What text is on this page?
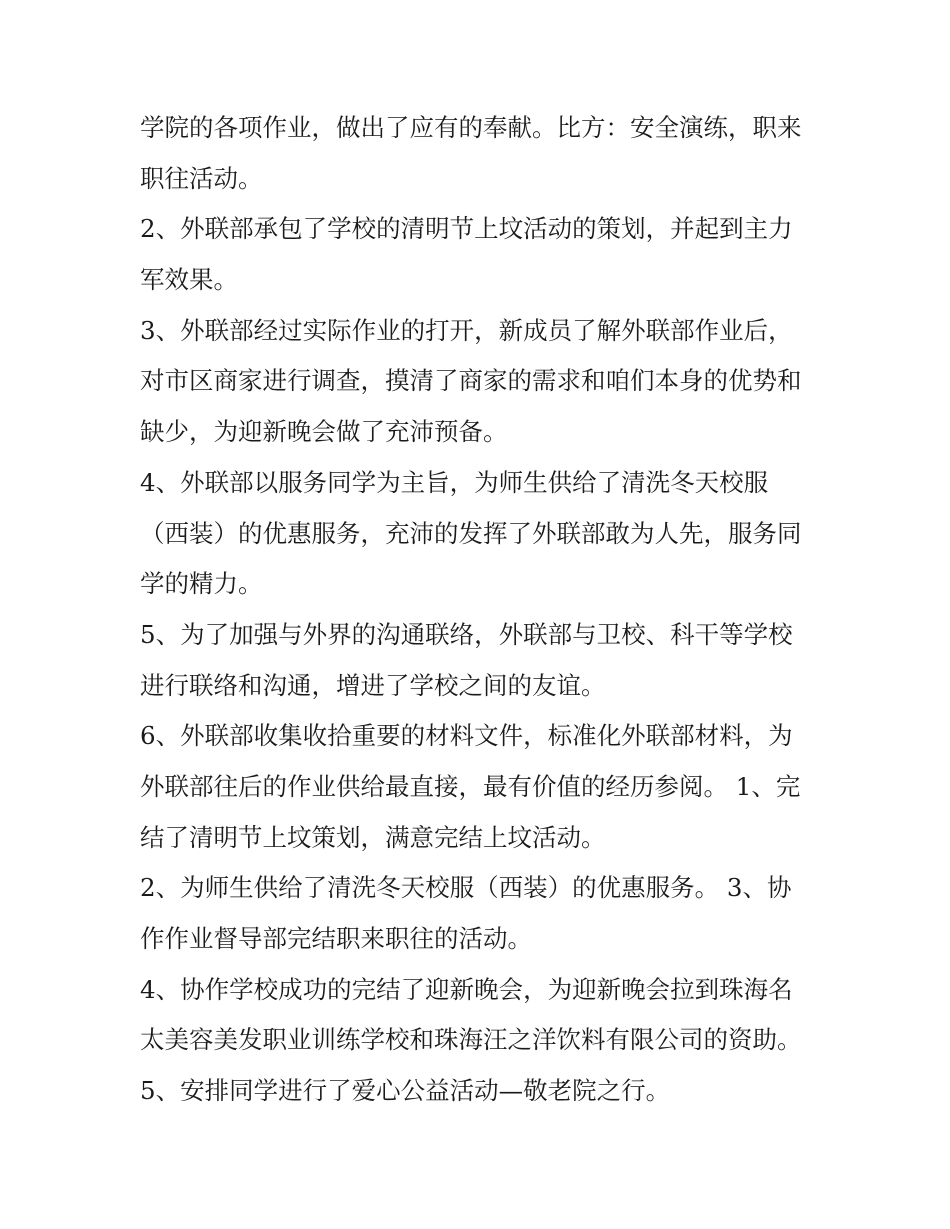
学院的各项作业，做出了应有的奉献。比方：安全演练，职来
职往活动。
2、外联部承包了学校的清明节上坟活动的策划，并起到主力
军效果。
3、外联部经过实际作业的打开，新成员了解外联部作业后，
对市区商家进行调查，摸清了商家的需求和咱们本身的优势和
缺少，为迎新晚会做了充沛预备。
4、外联部以服务同学为主旨，为师生供给了清洗冬天校服
（西装）的优惠服务，充沛的发挥了外联部敢为人先，服务同
学的精力。
5、为了加强与外界的沟通联络，外联部与卫校、科干等学校
进行联络和沟通，增进了学校之间的友谊。
6、外联部收集收拾重要的材料文件，标准化外联部材料，为
外联部往后的作业供给最直接，最有价值的经历参阅。 1、完
结了清明节上坟策划，满意完结上坟活动。
2、为师生供给了清洗冬天校服（西装）的优惠服务。 3、协
作作业督导部完结职来职往的活动。
4、协作学校成功的完结了迎新晚会，为迎新晚会拉到珠海名
太美容美发职业训练学校和珠海汪之洋饮料有限公司的资助。
5、安排同学进行了爱心公益活动—敬老院之行。
